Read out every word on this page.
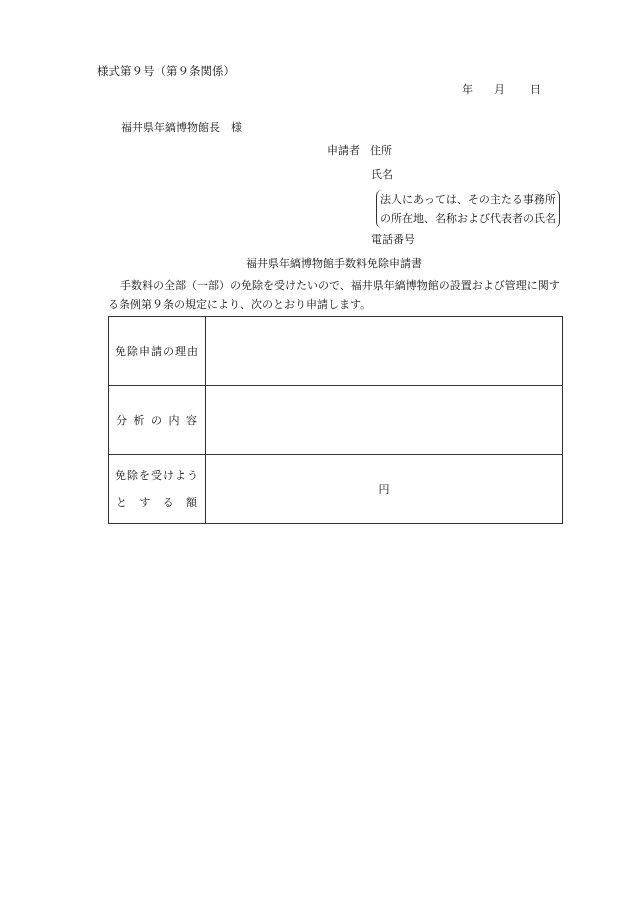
様式第９号（第９条関係）
年 月 日
福井県年縞博物館長　様
申請者 住所
氏名
法人にあっては、その主たる事務所
の所在地、名称および代表者の氏名
電話番号
福井県年縞博物館手数料免除申請書
手数料の全部（一部）の免除を受けたいので、福井県年縞博物館の設置および管理に関する条例第９条の規定により、次のとおり申請します。
免除申請の理由	

分 析 の 内 容	

免除を受けよう
と す る 額	円
